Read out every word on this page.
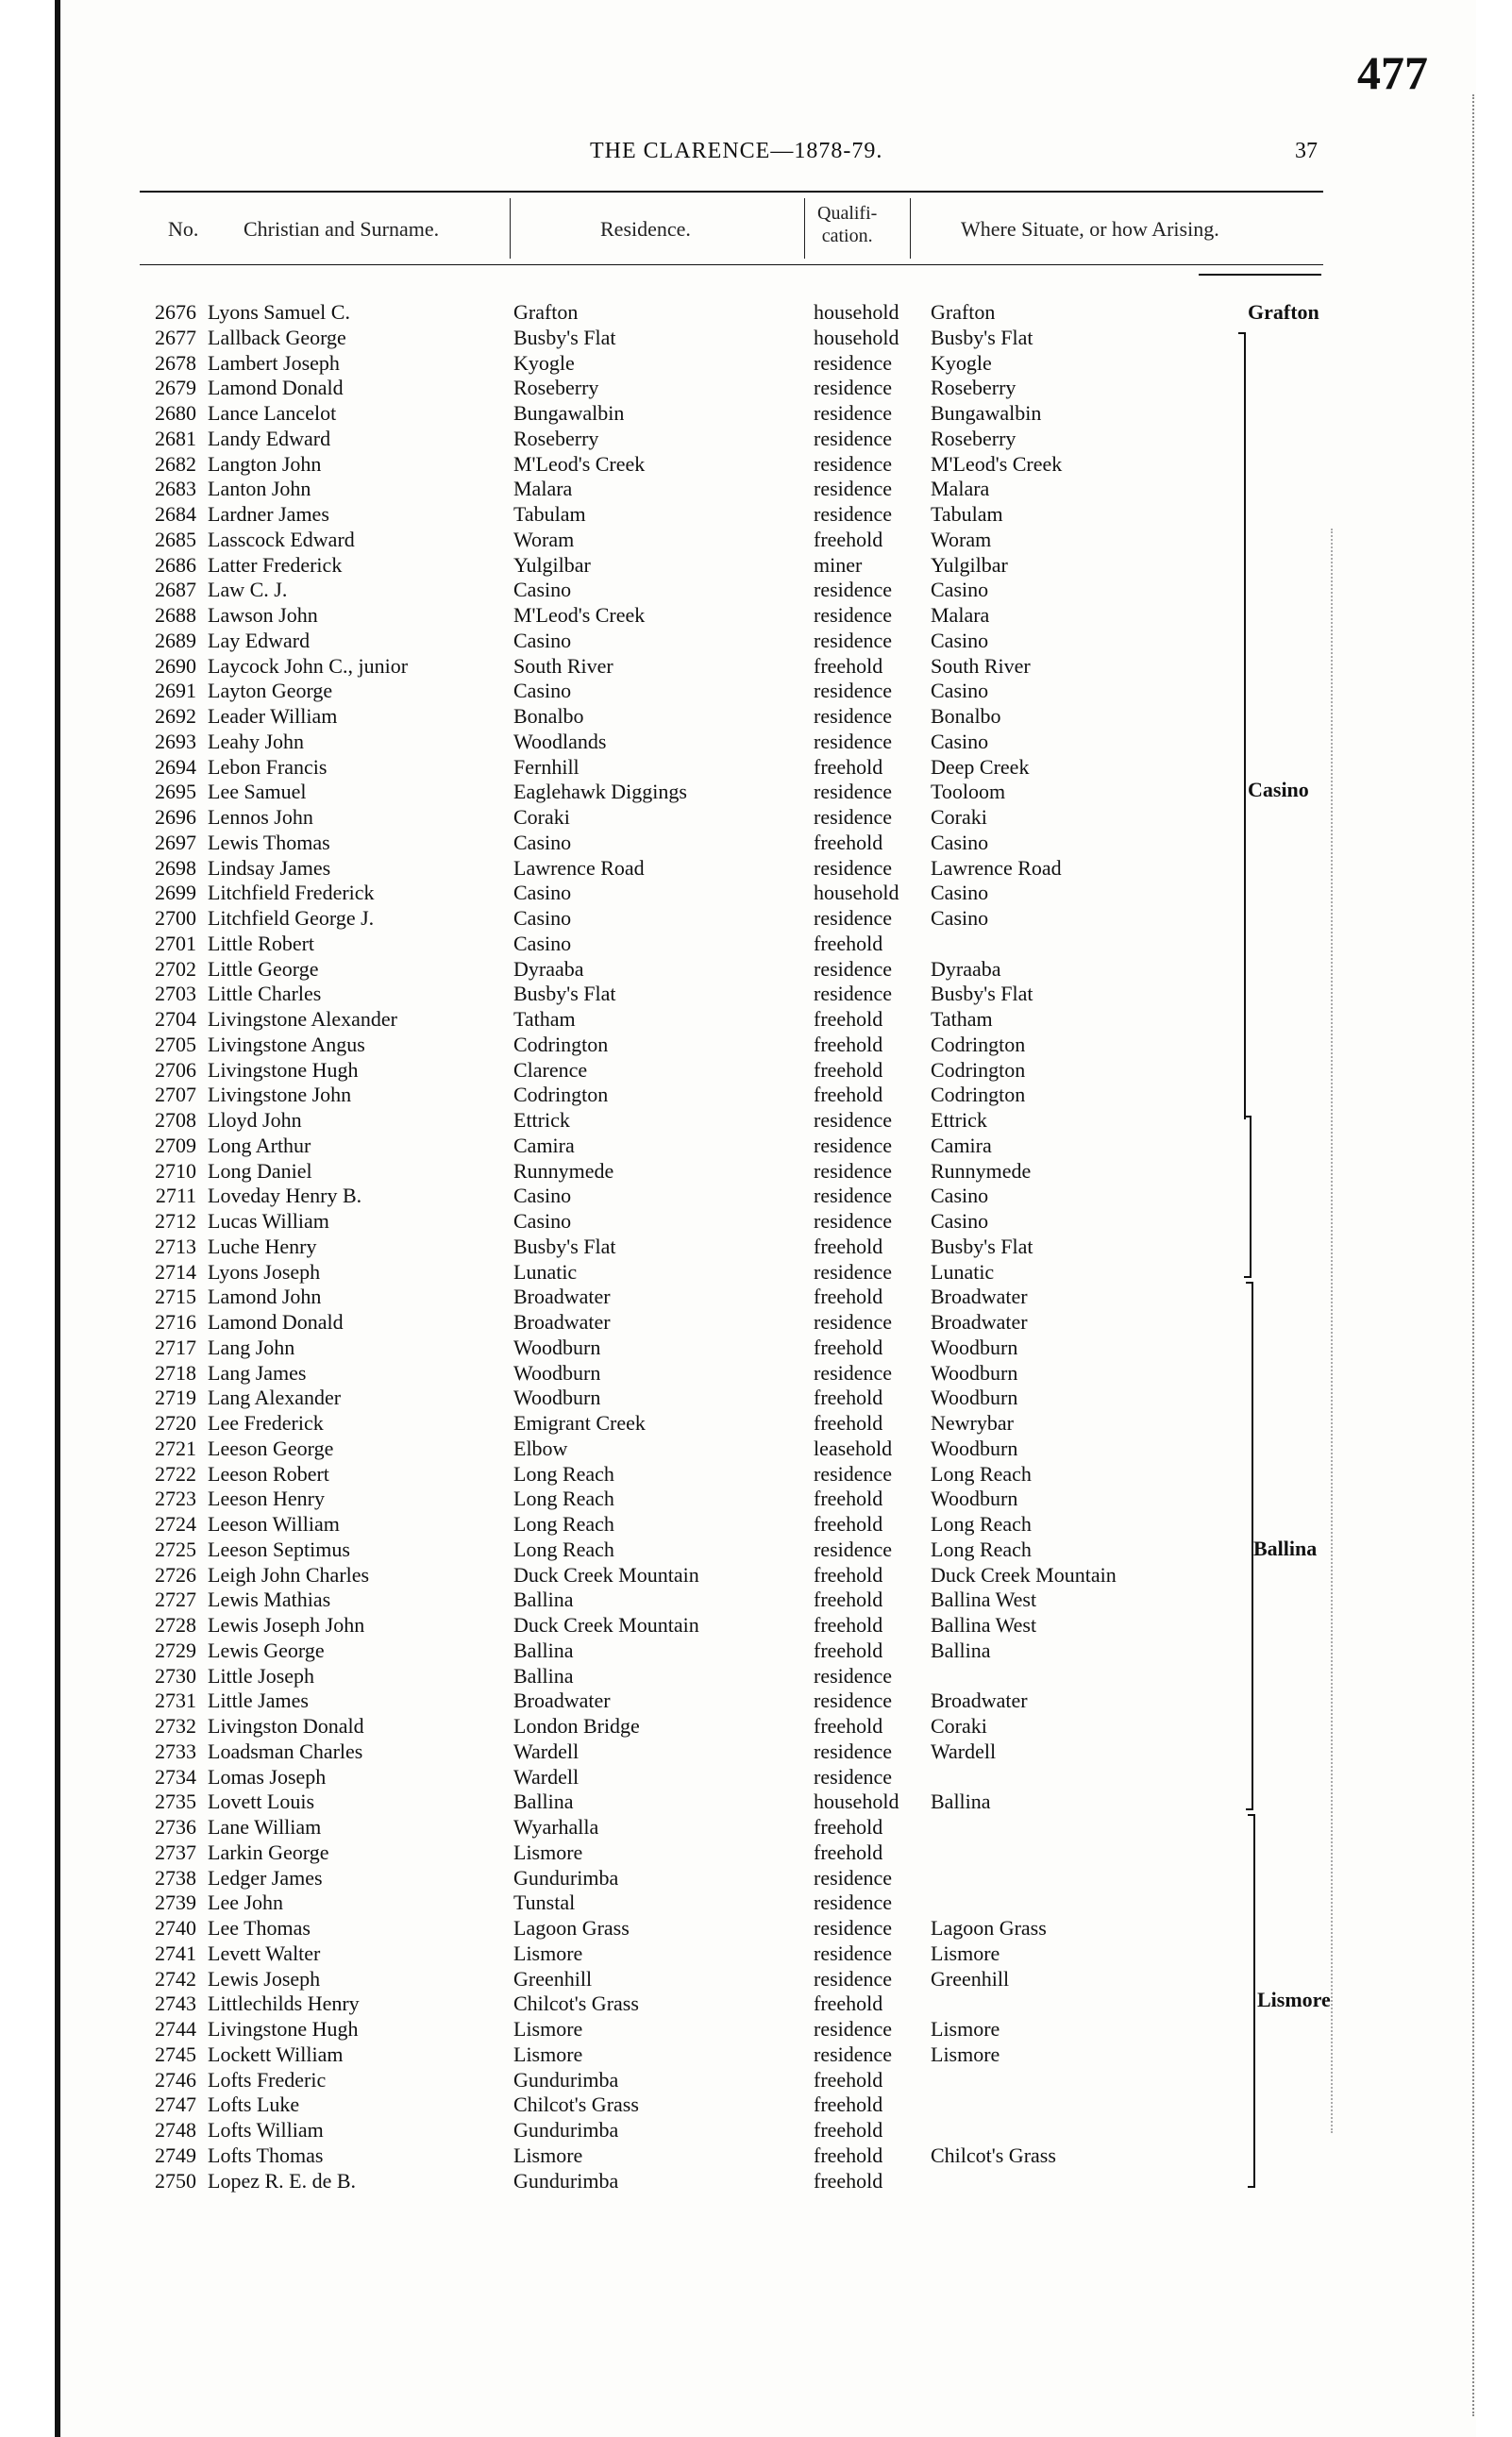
477
THE CLARENCE—1878-79.	37
No. Christian and Surname.	Residence.
Qualifi-
cation.	Where Situate, or how Arising.
2676 Lyons Samuel C.	Grafton	household Grafton
2677 Lallback George	Busby's Flat	household Busby's Flat
2678 Lambert Joseph	Kyogle	residence Kyogle
2679 Lamond Donald	Roseberry	residence Roseberry
2680 Lance Lancelot	Bungawalbin	residence Bungawalbin
2681 Landy Edward	Roseberry	residence Roseberry
2682 Langton John	M'Leod's Creek	residence M'Leod's Creek
2683 Lanton John	Malara	residence Malara
2684 Lardner James	Tabulam	residence Tabulam
2685 Lasscock Edward	Woram	freehold Woram
2686 Latter Frederick	Yulgilbar	miner	Yulgilbar
2687 Law C. J.	Casino	residence Casino
2688 Lawson John	M'Leod's Creek	residence Malara
2689 Lay Edward	Casino	residence Casino
2690 Laycock John C., junior	South River	freehold South River
2691 Layton George	Casino	residence Casino
2692 Leader William	Bonalbo	residence Bonalbo
2693 Leahy John	Woodlands	residence Casino
2694 Lebon Francis	Fernhill	freehold Deep Creek
2695 Lee Samuel	Eaglehawk Diggings	residence Tooloom
2696 Lennos John	Coraki	residence Coraki
2697 Lewis Thomas	Casino	freehold Casino
2698 Lindsay James	Lawrence Road	residence Lawrence Road
2699 Litchfield Frederick	Casino	household Casino
2700 Litchfield George J.	Casino	residence Casino
2701 Little Robert	Casino	freehold
2702 Little George	Dyraaba	residence Dyraaba
2703 Little Charles	Busby's Flat	residence Busby's Flat
2704 Livingstone Alexander	Tatham	freehold Tatham
2705 Livingstone Angus	Codrington	freehold Codrington
2706 Livingstone Hugh	Clarence	freehold Codrington
2707 Livingstone John	Codrington	freehold Codrington
2708 Lloyd John	Ettrick	residence Ettrick
2709 Long Arthur	Camira	residence Camira
2710 Long Daniel	Runnymede	residence Runnymede
2711 Loveday Henry B.	Casino	residence Casino
2712 Lucas William	Casino	residence Casino
2713 Luche Henry	Busby's Flat	freehold Busby's Flat
2714 Lyons Joseph	Lunatic	residence Lunatic
2715 Lamond John	Broadwater	freehold Broadwater
2716 Lamond Donald	Broadwater	residence Broadwater
2717 Lang John	Woodburn	freehold Woodburn
2718 Lang James	Woodburn	residence Woodburn
2719 Lang Alexander	Woodburn	freehold Woodburn
2720 Lee Frederick	Emigrant Creek	freehold Newrybar
2721 Leeson George	Elbow	leasehold Woodburn
2722 Leeson Robert	Long Reach	residence Long Reach
2723 Leeson Henry	Long Reach	freehold Woodburn
2724 Leeson William	Long Reach	freehold Long Reach
2725 Leeson Septimus	Long Reach	residence Long Reach
2726 Leigh John Charles	Duck Creek Mountain	freehold Duck Creek Mountain
2727 Lewis Mathias	Ballina	freehold Ballina West
2728 Lewis Joseph John	Duck Creek Mountain	freehold Ballina West
2729 Lewis George	Ballina	freehold Ballina
2730 Little Joseph	Ballina	residence
2731 Little James	Broadwater	residence Broadwater
2732 Livingston Donald	London Bridge	freehold Coraki
2733 Loadsman Charles	Wardell	residence Wardell
2734 Lomas Joseph	Wardell	residence
2735 Lovett Louis	Ballina	household Ballina
2736 Lane William	Wyarhalla	freehold
2737 Larkin George	Lismore	freehold
2738 Ledger James	Gundurimba	residence
2739 Lee John	Tunstal	residence
2740 Lee Thomas	Lagoon Grass	residence Lagoon Grass
2741 Levett Walter	Lismore	residence Lismore
2742 Lewis Joseph	Greenhill	residence Greenhill
2743 Littlechilds Henry	Chilcot's Grass	freehold
2744 Livingstone Hugh	Lismore	residence Lismore
2745 Lockett William	Lismore	residence Lismore
2746 Lofts Frederic	Gundurimba	freehold
2747 Lofts Luke	Chilcot's Grass	freehold
2748 Lofts William	Gundurimba	freehold
2749 Lofts Thomas	Lismore	freehold Chilcot's Grass
2750 Lopez R. E. de B.	Gundurimba	freehold
Grafton
Casino
Ballina
Lismore
